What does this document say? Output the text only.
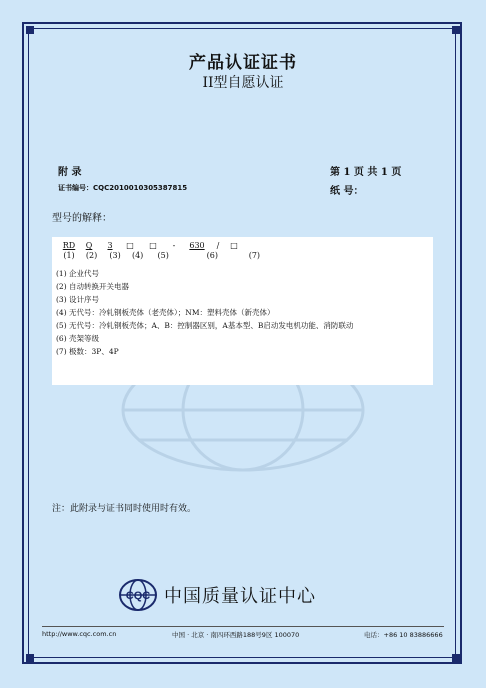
产品认证证书
II型自愿认证
附 录	第 1 页 共 1 页
证书编号：CQC2010010305387815	纸 号：
型号的解释：
RD	Q	3	□	□	-	630	/	□
(1) (2) (3) (4) (5)	(6)	(7)
(1) 企业代号
(2) 自动转换开关电器
(3) 设计序号
(4) 无代号：冷轧钢板壳体（老壳体）；NM：塑料壳体（新壳体）
(5) 无代号：冷轧钢板壳体；A、B：控制器区别，A基本型、B启动发电机功能、消防联动
(6) 壳架等级
(7) 极数：3P、4P
注：此附录与证书同时使用时有效。
CQC 中国质量认证中心
http://www.cqc.com.cn	中国 · 北京 · 南四环西路188号9区 100070	电话：+86 10 83886666
